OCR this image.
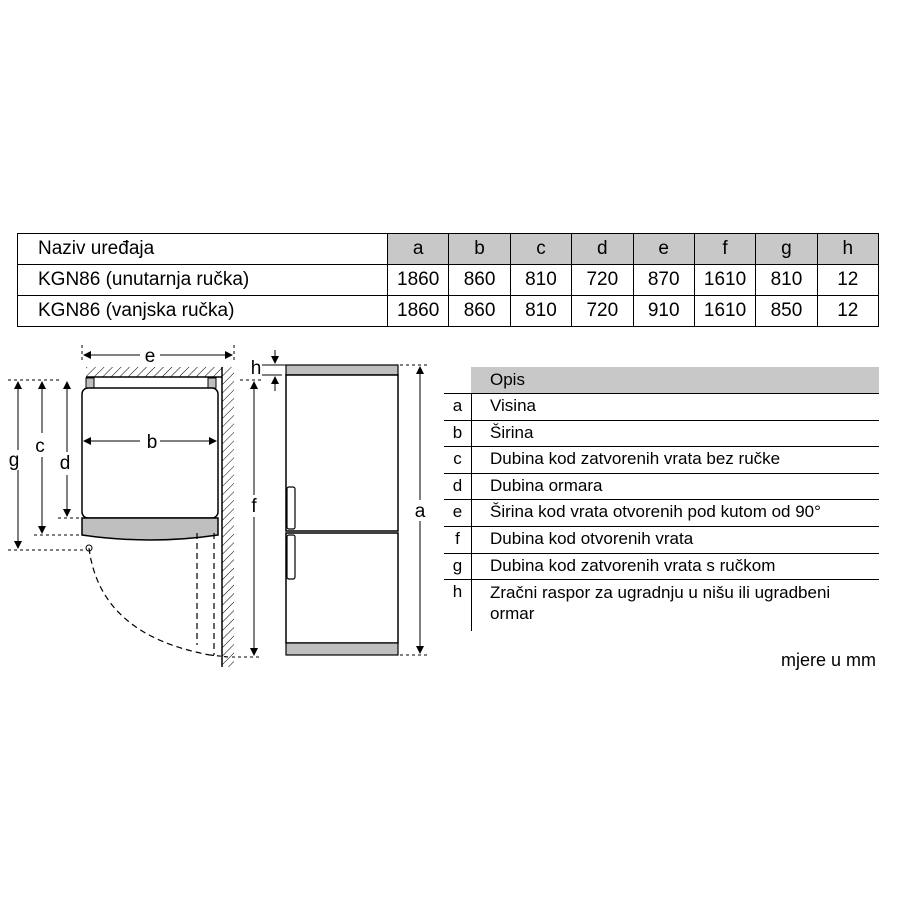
Naziv uređaja	a	b	c	d	e	f	g	h
KGN86 (unutarnja ručka)	1860	860	810	720	870	1610	810	12
KGN86 (vanjska ručka)	1860	860	810	720	910	1610	850	12
e
b
g
c
d
f
h
a
Opis
a	Visina
b	Širina
c	Dubina kod zatvorenih vrata bez ručke
d	Dubina ormara
e	Širina kod vrata otvorenih pod kutom od 90°
f	Dubina kod otvorenih vrata
g	Dubina kod zatvorenih vrata s ručkom
h	Zračni raspor za ugradnju u nišu ili ugradbeni ormar
mjere u mm
